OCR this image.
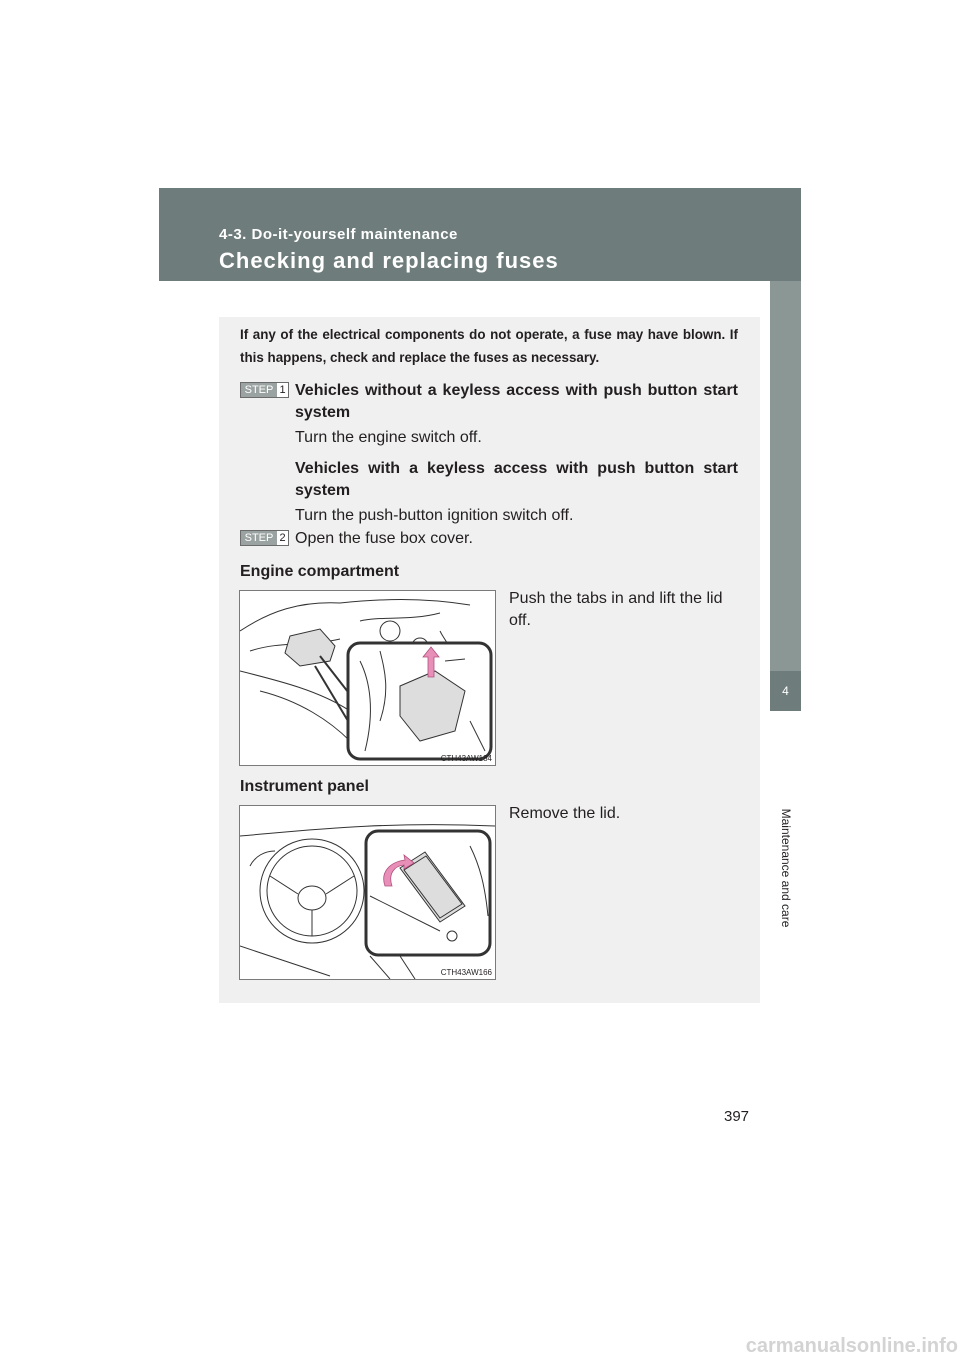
4-3. Do-it-yourself maintenance
Checking and replacing fuses
4
Maintenance and care
If any of the electrical components do not operate, a fuse may have blown. If this happens, check and replace the fuses as necessary.
STEP 1 Vehicles without a keyless access with push button start system
Turn the engine switch off.
Vehicles with a keyless access with push button start system
Turn the push-button ignition switch off.
STEP 2 Open the fuse box cover.
Engine compartment
CTH43AW184
Push the tabs in and lift the lid off.
Instrument panel
CTH43AW166
Remove the lid.
397
carmanualsonline.info
